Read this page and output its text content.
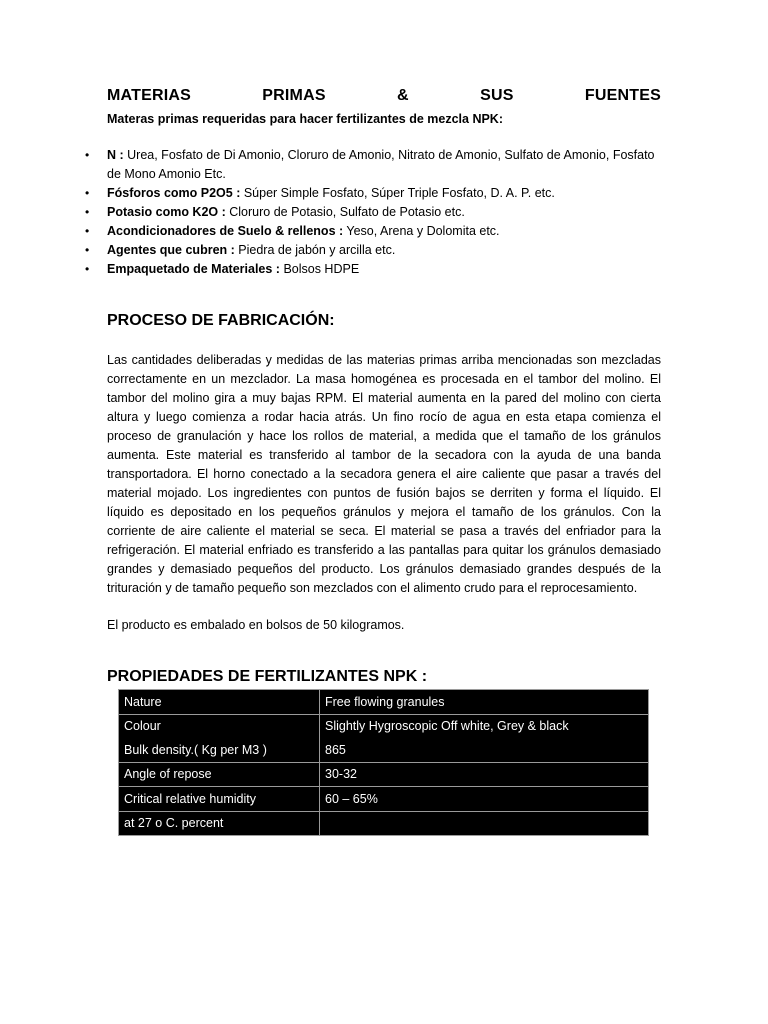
MATERIAS	PRIMAS	&	SUS	FUENTES
Materas primas requeridas para hacer fertilizantes de mezcla NPK:
• N : Urea, Fosfato de Di Amonio, Cloruro de Amonio, Nitrato de Amonio, Sulfato de Amonio, Fosfato de Mono Amonio Etc.
• Fósforos como P2O5 : Súper Simple Fosfato, Súper Triple Fosfato, D. A. P. etc.
• Potasio como K2O : Cloruro de Potasio, Sulfato de Potasio etc.
• Acondicionadores de Suelo & rellenos : Yeso, Arena y Dolomita etc.
• Agentes que cubren : Piedra de jabón y arcilla etc.
• Empaquetado de Materiales : Bolsos HDPE
PROCESO DE FABRICACIÓN:

Las cantidades deliberadas y medidas de las materias primas arriba mencionadas son mezcladas correctamente en un mezclador. La masa homogénea es procesada en el tambor del molino. El tambor del molino gira a muy bajas RPM. El material aumenta en la pared del molino con cierta altura y luego comienza a rodar hacia atrás. Un fino rocío de agua en esta etapa comienza el proceso de granulación y hace los rollos de material, a medida que el tamaño de los gránulos aumenta. Este material es transferido al tambor de la secadora con la ayuda de una banda transportadora. El horno conectado a la secadora genera el aire caliente que pasar a través del material mojado. Los ingredientes con puntos de fusión bajos se derriten y forma el líquido. El líquido es depositado en los pequeños gránulos y mejora el tamaño de los gránulos. Con la corriente de aire caliente el material se seca. El material se pasa a través del enfriador para la refrigeración. El material enfriado es transferido a las pantallas para quitar los gránulos demasiado grandes y demasiado pequeños del producto. Los gránulos demasiado grandes después de la trituración y de tamaño pequeño son mezclados con el alimento crudo para el reprocesamiento.

El producto es embalado en bolsos de 50 kilogramos.

PROPIEDADES DE FERTILIZANTES NPK :
Nature	Free flowing granules
Colour	Slightly Hygroscopic Off white, Grey & black
Bulk density.( Kg per M3 )	865
Angle of repose	30-32
Critical relative humidity	60 – 65%
at 27 o C. percent	
